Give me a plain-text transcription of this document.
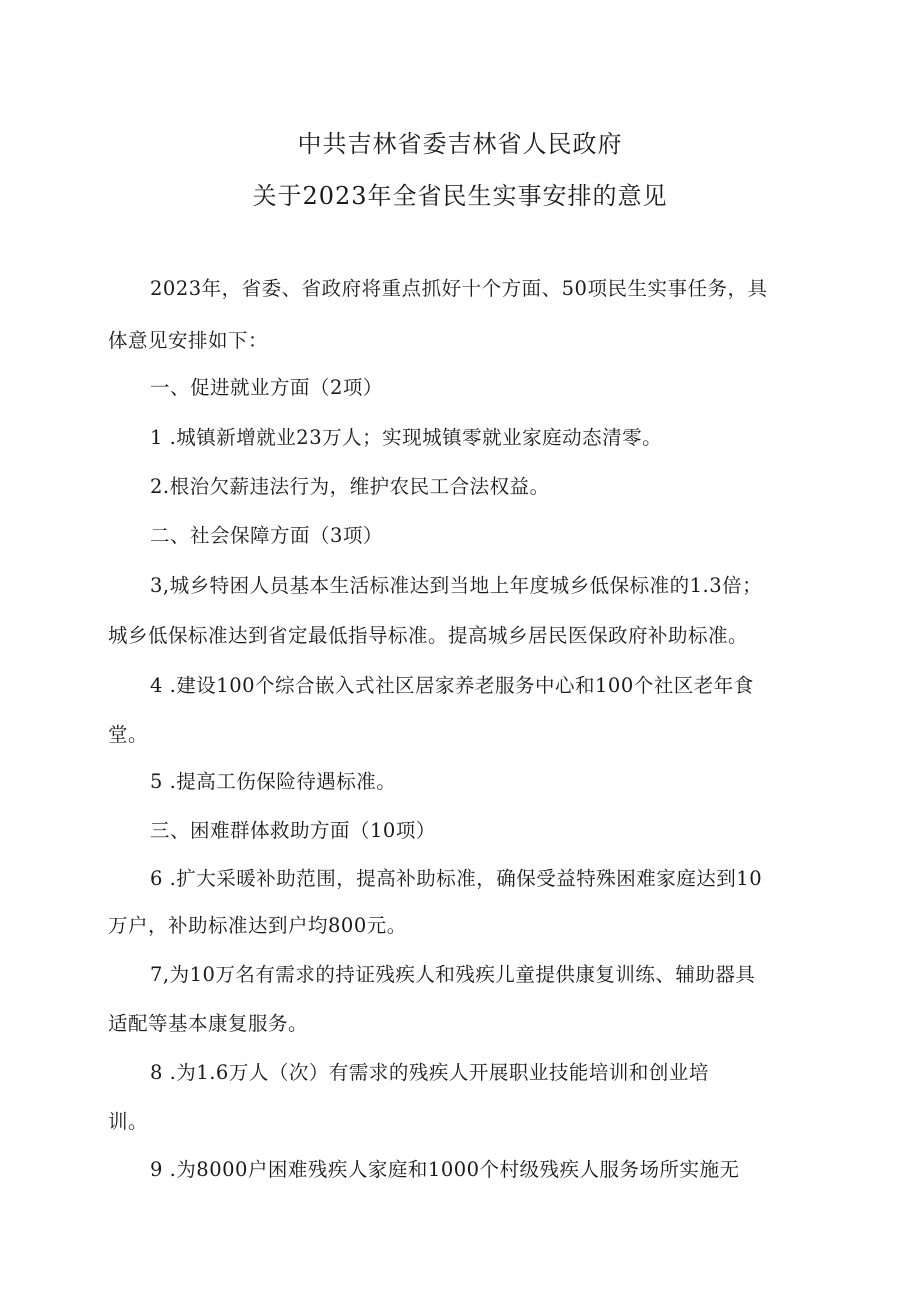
中共吉林省委吉林省人民政府
关于2023年全省民生实事安排的意见
2023年，省委、省政府将重点抓好十个方面、50项民生实事任务，具
体意见安排如下：
一、促进就业方面（2项）
1 .城镇新增就业23万人；实现城镇零就业家庭动态清零。
2.根治欠薪违法行为，维护农民工合法权益。
二、社会保障方面（3项）
3,城乡特困人员基本生活标准达到当地上年度城乡低保标准的1.3倍；
城乡低保标准达到省定最低指导标准。提高城乡居民医保政府补助标准。
4 .建设100个综合嵌入式社区居家养老服务中心和100个社区老年食
堂。
5 .提高工伤保险待遇标准。
三、困难群体救助方面（10项）
6 .扩大采暖补助范围，提高补助标准，确保受益特殊困难家庭达到10
万户，补助标准达到户均800元。
7,为10万名有需求的持证残疾人和残疾儿童提供康复训练、辅助器具
适配等基本康复服务。
8 .为1.6万人（次）有需求的残疾人开展职业技能培训和创业培
训。
9 .为8000户困难残疾人家庭和1000个村级残疾人服务场所实施无
